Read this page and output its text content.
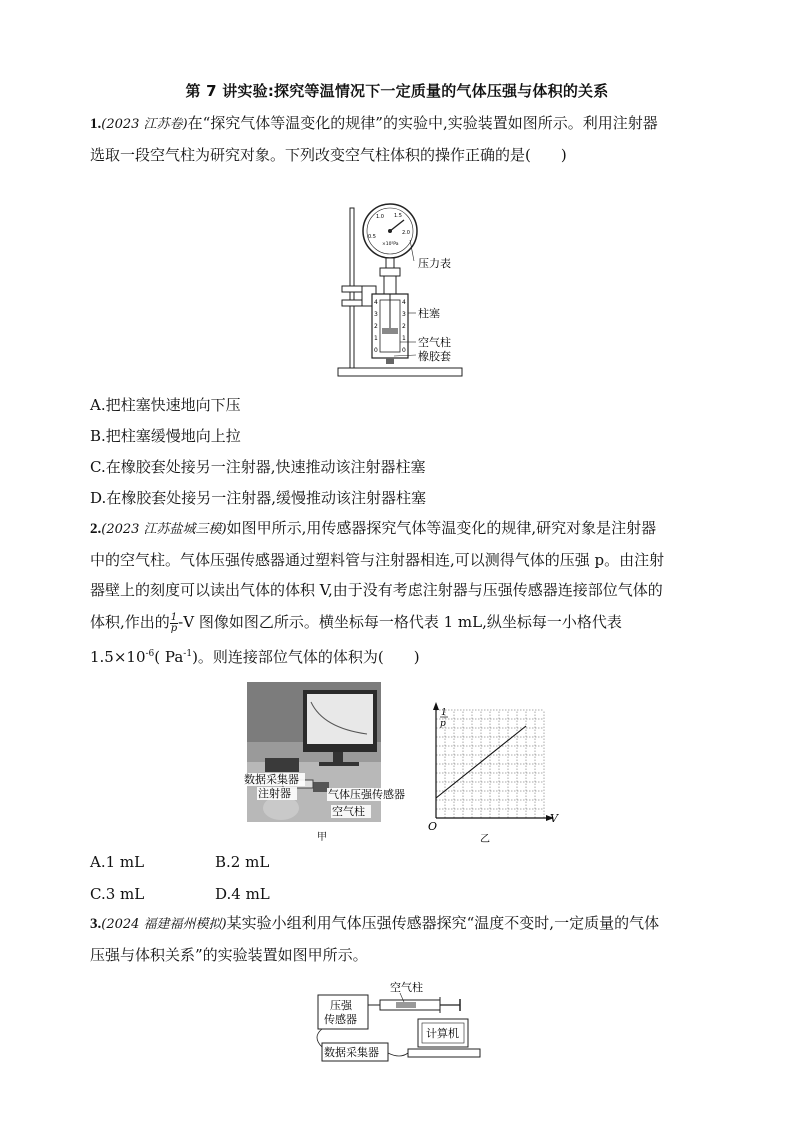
第 7 讲实验:探究等温情况下一定质量的气体压强与体积的关系
1.(2023 江苏卷)在“探究气体等温变化的规律”的实验中,实验装置如图所示。利用注射器
选取一段空气柱为研究对象。下列改变空气柱体积的操作正确的是(　　)
0.5
1.0 1.5
2.0
×10⁵Pa
4
3
2
1
0
4
3
2
1
0
压力表
柱塞
空气柱
橡胶套
A.把柱塞快速地向下压
B.把柱塞缓慢地向上拉
C.在橡胶套处接另一注射器,快速推动该注射器柱塞
D.在橡胶套处接另一注射器,缓慢推动该注射器柱塞
2.(2023 江苏盐城三模)如图甲所示,用传感器探究气体等温变化的规律,研究对象是注射器
中的空气柱。气体压强传感器通过塑料管与注射器相连,可以测得气体的压强 p。由注射
器壁上的刻度可以读出气体的体积 V,由于没有考虑注射器与压强传感器连接部位气体的
体积,作出的 $\frac{1}{p} -V$ 图像如图乙所示。横坐标每一格代表 1 mL,纵坐标每一小格代表
$1.5\times 10^{-6}$( $Pa^{-1}$)。则连接部位气体的体积为(　　)
数据采集器
注射器	气体压强传感器
空气柱
甲
1
p
V
O
乙
A.1 mL	B.2 mL
C.3 mL	D.4 mL
3.(2024 福建福州模拟)某实验小组利用气体压强传感器探究“温度不变时,一定质量的气体
压强与体积关系”的实验装置如图甲所示。
压强
传感器
空气柱
计算机
数据采集器
